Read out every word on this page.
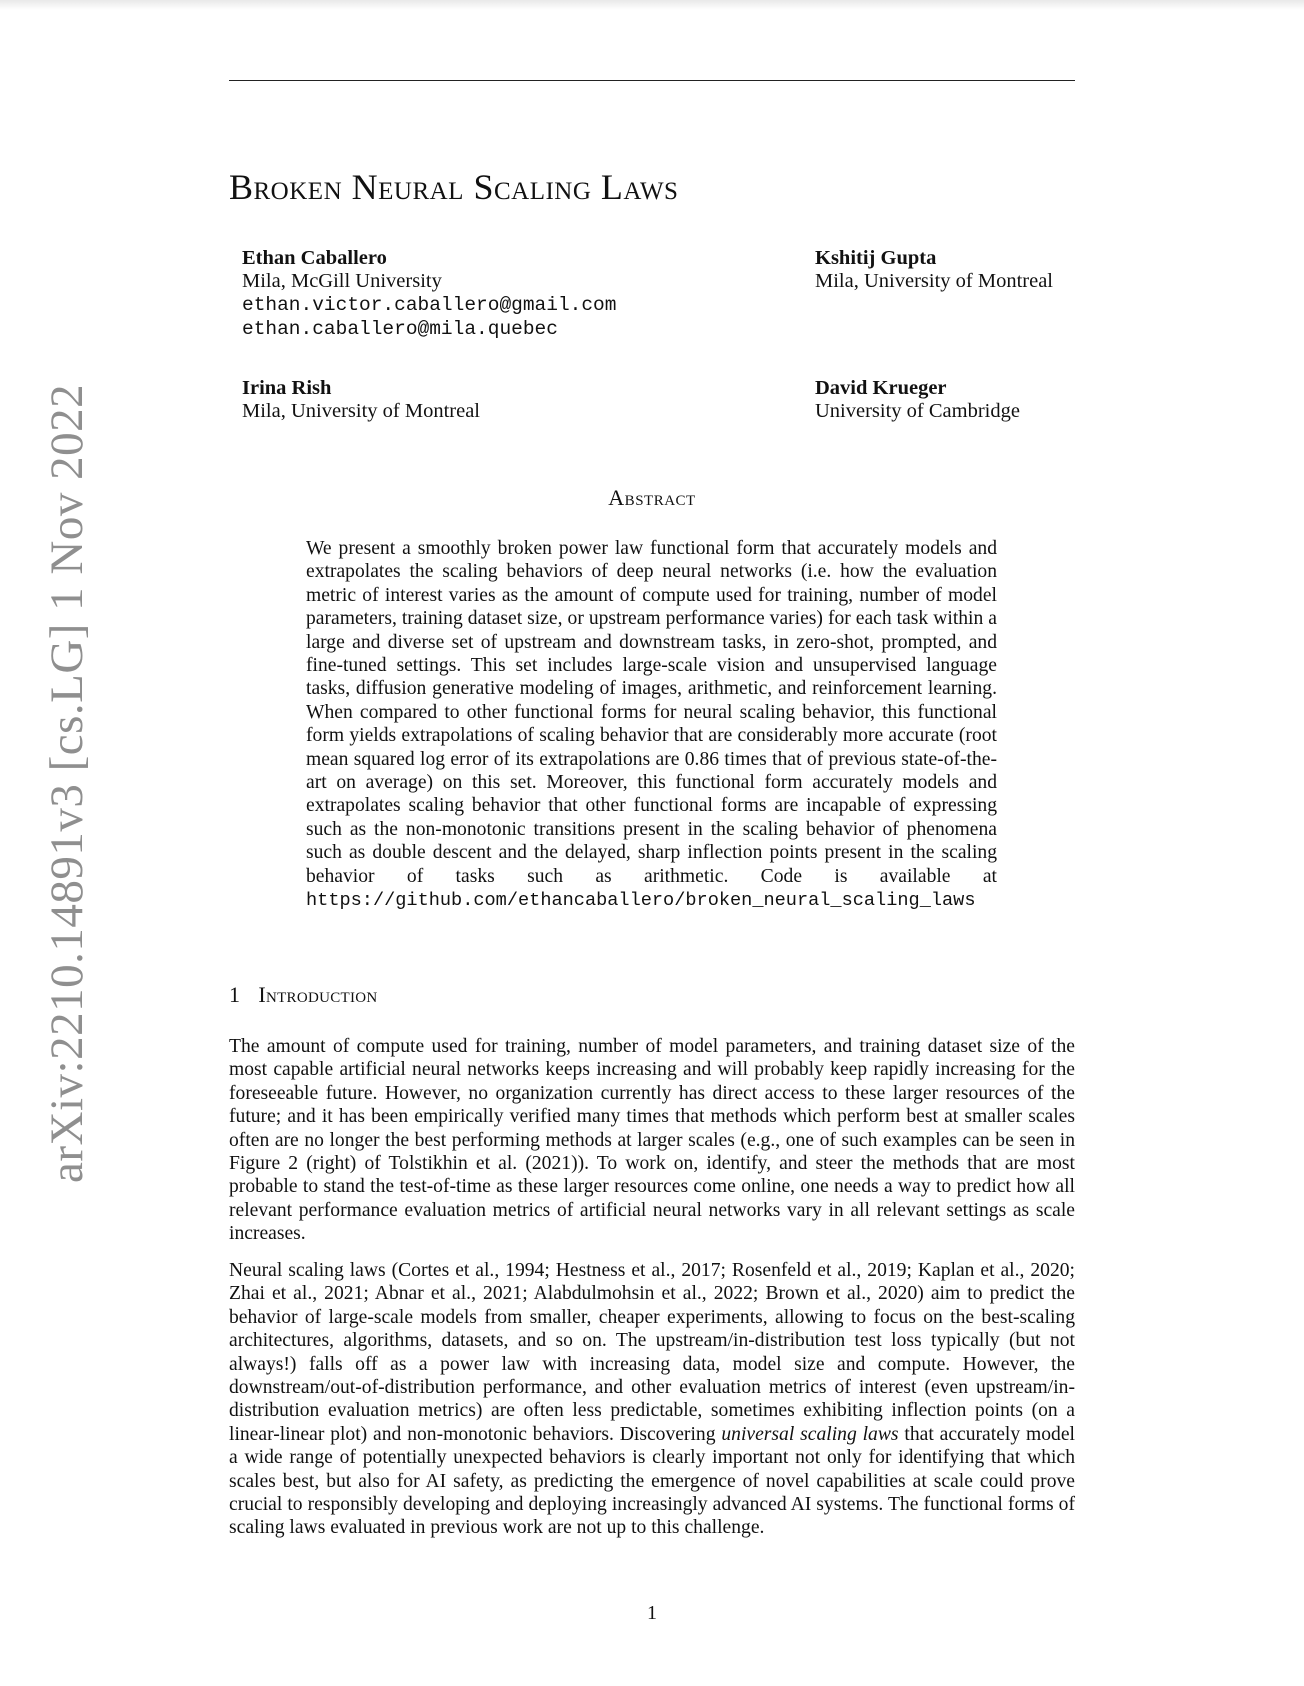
arXiv:2210.14891v3 [cs.LG] 1 Nov 2022
Broken Neural Scaling Laws
Ethan Caballero
Mila, McGill University
ethan.victor.caballero@gmail.com
ethan.caballero@mila.quebec
Kshitij Gupta
Mila, University of Montreal
Irina Rish
Mila, University of Montreal
David Krueger
University of Cambridge
Abstract

We present a smoothly broken power law functional form that accurately models and extrapolates the scaling behaviors of deep neural networks (i.e. how the evaluation metric of interest varies as the amount of compute used for training, number of model parameters, training dataset size, or upstream performance varies) for each task within a large and diverse set of upstream and downstream tasks, in zero-shot, prompted, and fine-tuned settings. This set includes large-scale vision and unsupervised language tasks, diffusion generative modeling of images, arithmetic, and reinforcement learning. When compared to other functional forms for neural scaling behavior, this functional form yields extrapolations of scaling behavior that are considerably more accurate (root mean squared log error of its extrapolations are 0.86 times that of previous state-of-the-art on average) on this set. Moreover, this functional form accurately models and extrapolates scaling behavior that other functional forms are incapable of expressing such as the non-monotonic transitions present in the scaling behavior of phenomena such as double descent and the delayed, sharp inflection points present in the scaling behavior of tasks such as arithmetic. Code is available at https://github.com/ethancaballero/broken_neural_scaling_laws

1 Introduction

The amount of compute used for training, number of model parameters, and training dataset size of the most capable artificial neural networks keeps increasing and will probably keep rapidly increasing for the foreseeable future. However, no organization currently has direct access to these larger resources of the future; and it has been empirically verified many times that methods which perform best at smaller scales often are no longer the best performing methods at larger scales (e.g., one of such examples can be seen in Figure 2 (right) of Tolstikhin et al. (2021)). To work on, identify, and steer the methods that are most probable to stand the test-of-time as these larger resources come online, one needs a way to predict how all relevant performance evaluation metrics of artificial neural networks vary in all relevant settings as scale increases.

Neural scaling laws (Cortes et al., 1994; Hestness et al., 2017; Rosenfeld et al., 2019; Kaplan et al., 2020; Zhai et al., 2021; Abnar et al., 2021; Alabdulmohsin et al., 2022; Brown et al., 2020) aim to predict the behavior of large-scale models from smaller, cheaper experiments, allowing to focus on the best-scaling architectures, algorithms, datasets, and so on. The upstream/in-distribution test loss typically (but not always!) falls off as a power law with increasing data, model size and compute. However, the downstream/out-of-distribution performance, and other evaluation metrics of interest (even upstream/in-distribution evaluation metrics) are often less predictable, sometimes exhibiting inflection points (on a linear-linear plot) and non-monotonic behaviors. Discovering universal scaling laws that accurately model a wide range of potentially unexpected behaviors is clearly important not only for identifying that which scales best, but also for AI safety, as predicting the emergence of novel capabilities at scale could prove crucial to responsibly developing and deploying increasingly advanced AI systems. The functional forms of scaling laws evaluated in previous work are not up to this challenge.

1
